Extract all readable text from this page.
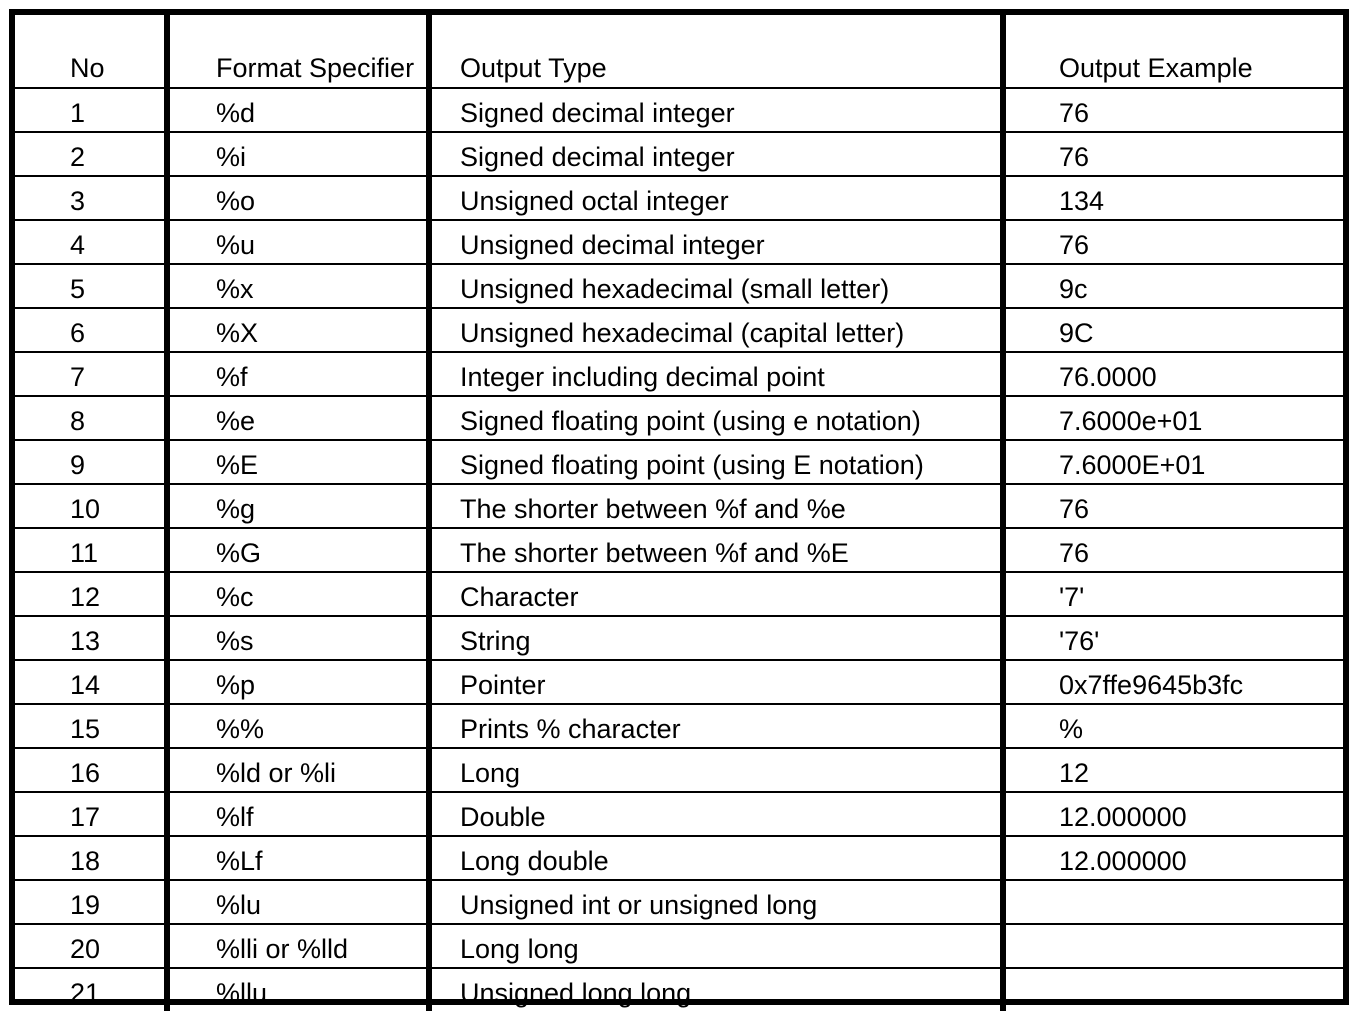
No	Format Specifier	Output Type	Output Example
1	%d	Signed decimal integer	76
2	%i	Signed decimal integer	76
3	%o	Unsigned octal integer	134
4	%u	Unsigned decimal integer	76
5	%x	Unsigned hexadecimal (small letter)	9c
6	%X	Unsigned hexadecimal (capital letter)	9C
7	%f	Integer including decimal point	76.0000
8	%e	Signed floating point (using e notation)	7.6000e+01
9	%E	Signed floating point (using E notation)	7.6000E+01
10	%g	The shorter between %f and %e	76
11	%G	The shorter between %f and %E	76
12	%c	Character	'7'
13	%s	String	'76'
14	%p	Pointer	0x7ffe9645b3fc
15	%%	Prints % character	%
16	%ld or %li	Long	12
17	%lf	Double	12.000000
18	%Lf	Long double	12.000000
19	%lu	Unsigned int or unsigned long	
20	%lli or %lld	Long long	
21	%llu	Unsigned long long	
